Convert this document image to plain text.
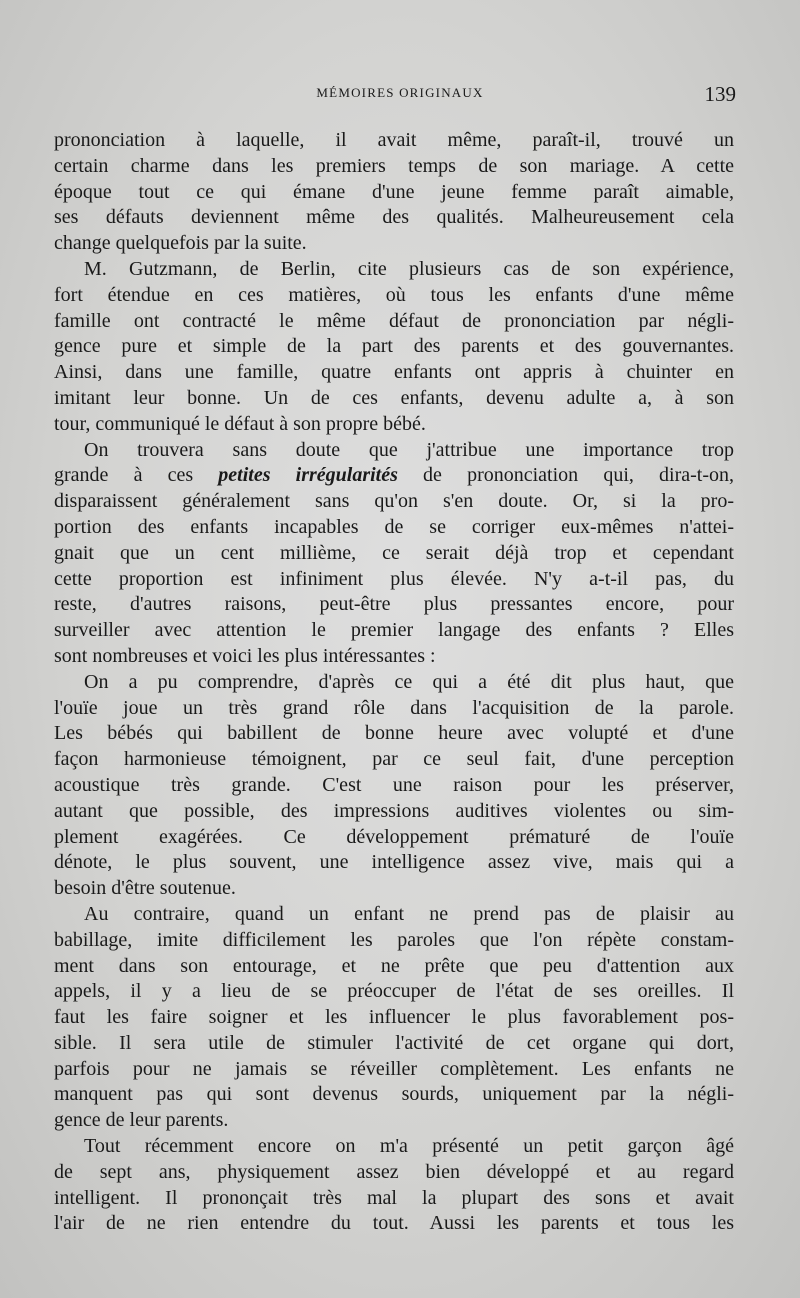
MÉMOIRES ORIGINAUX	139
prononciation à laquelle, il avait même, paraît-il, trouvé un
certain charme dans les premiers temps de son mariage. A cette
époque tout ce qui émane d'une jeune femme paraît aimable,
ses défauts deviennent même des qualités. Malheureusement cela
change quelquefois par la suite.
M. Gutzmann, de Berlin, cite plusieurs cas de son expérience,
fort étendue en ces matières, où tous les enfants d'une même
famille ont contracté le même défaut de prononciation par négli-
gence pure et simple de la part des parents et des gouvernantes.
Ainsi, dans une famille, quatre enfants ont appris à chuinter en
imitant leur bonne. Un de ces enfants, devenu adulte a, à son
tour, communiqué le défaut à son propre bébé.
On trouvera sans doute que j'attribue une importance trop
grande à ces petites irrégularités de prononciation qui, dira-t-on,
disparaissent généralement sans qu'on s'en doute. Or, si la pro-
portion des enfants incapables de se corriger eux-mêmes n'attei-
gnait que un cent millième, ce serait déjà trop et cependant
cette proportion est infiniment plus élevée. N'y a-t-il pas, du
reste, d'autres raisons, peut-être plus pressantes encore, pour
surveiller avec attention le premier langage des enfants ? Elles
sont nombreuses et voici les plus intéressantes :
On a pu comprendre, d'après ce qui a été dit plus haut, que
l'ouïe joue un très grand rôle dans l'acquisition de la parole.
Les bébés qui babillent de bonne heure avec volupté et d'une
façon harmonieuse témoignent, par ce seul fait, d'une perception
acoustique très grande. C'est une raison pour les préserver,
autant que possible, des impressions auditives violentes ou sim-
plement exagérées. Ce développement prématuré de l'ouïe
dénote, le plus souvent, une intelligence assez vive, mais qui a
besoin d'être soutenue.
Au contraire, quand un enfant ne prend pas de plaisir au
babillage, imite difficilement les paroles que l'on répète constam-
ment dans son entourage, et ne prête que peu d'attention aux
appels, il y a lieu de se préoccuper de l'état de ses oreilles. Il
faut les faire soigner et les influencer le plus favorablement pos-
sible. Il sera utile de stimuler l'activité de cet organe qui dort,
parfois pour ne jamais se réveiller complètement. Les enfants ne
manquent pas qui sont devenus sourds, uniquement par la négli-
gence de leur parents.
Tout récemment encore on m'a présenté un petit garçon âgé
de sept ans, physiquement assez bien développé et au regard
intelligent. Il prononçait très mal la plupart des sons et avait
l'air de ne rien entendre du tout. Aussi les parents et tous les
